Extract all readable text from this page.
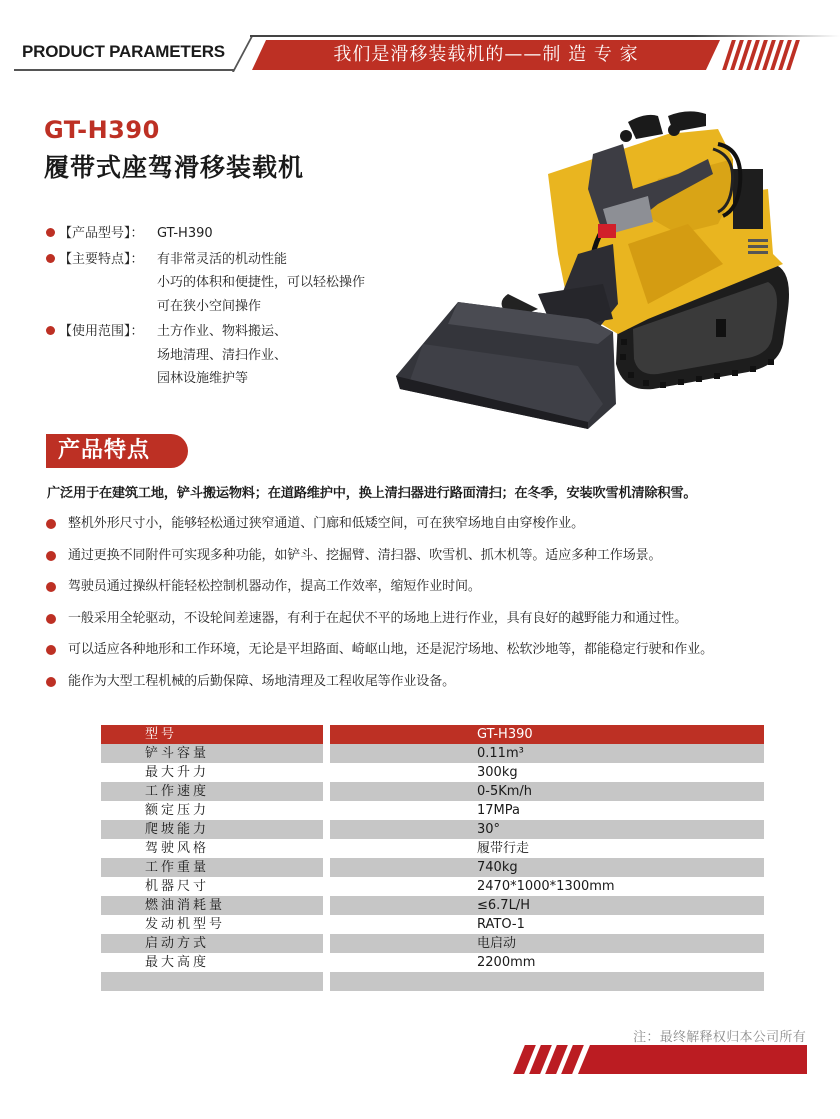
PRODUCT PARAMETERS	我们是滑移装载机的——制 造 专 家
GT-H390
履带式座驾滑移装载机
【产品型号】：	GT-H390
【主要特点】：	有非常灵活的机动性能
小巧的体积和便捷性，可以轻松操作
可在狭小空间操作
【使用范围】：	土方作业、物料搬运、
场地清理、清扫作业、
园林设施维护等
产品特点
广泛用于在建筑工地，铲斗搬运物料；在道路维护中，换上清扫器进行路面清扫；在冬季，安装吹雪机清除积雪。
整机外形尺寸小，能够轻松通过狭窄通道、门廊和低矮空间，可在狭窄场地自由穿梭作业。
通过更换不同附件可实现多种功能，如铲斗、挖掘臂、清扫器、吹雪机、抓木机等。适应多种工作场景。
驾驶员通过操纵杆能轻松控制机器动作，提高工作效率，缩短作业时间。
一般采用全轮驱动，不设轮间差速器，有利于在起伏不平的场地上进行作业，具有良好的越野能力和通过性。
可以适应各种地形和工作环境，无论是平坦路面、崎岖山地，还是泥泞场地、松软沙地等，都能稳定行驶和作业。
能作为大型工程机械的后勤保障、场地清理及工程收尾等作业设备。
型号	GT-H390
铲斗容量	0.11m³
最大升力	300kg
工作速度	0-5Km/h
额定压力	17MPa
爬坡能力	30°
驾驶风格	履带行走
工作重量	740kg
机器尺寸	2470*1000*1300mm
燃油消耗量	≤6.7L/H
发动机型号	RATO-1
启动方式	电启动
最大高度	2200mm
注：最终解释权归本公司所有
